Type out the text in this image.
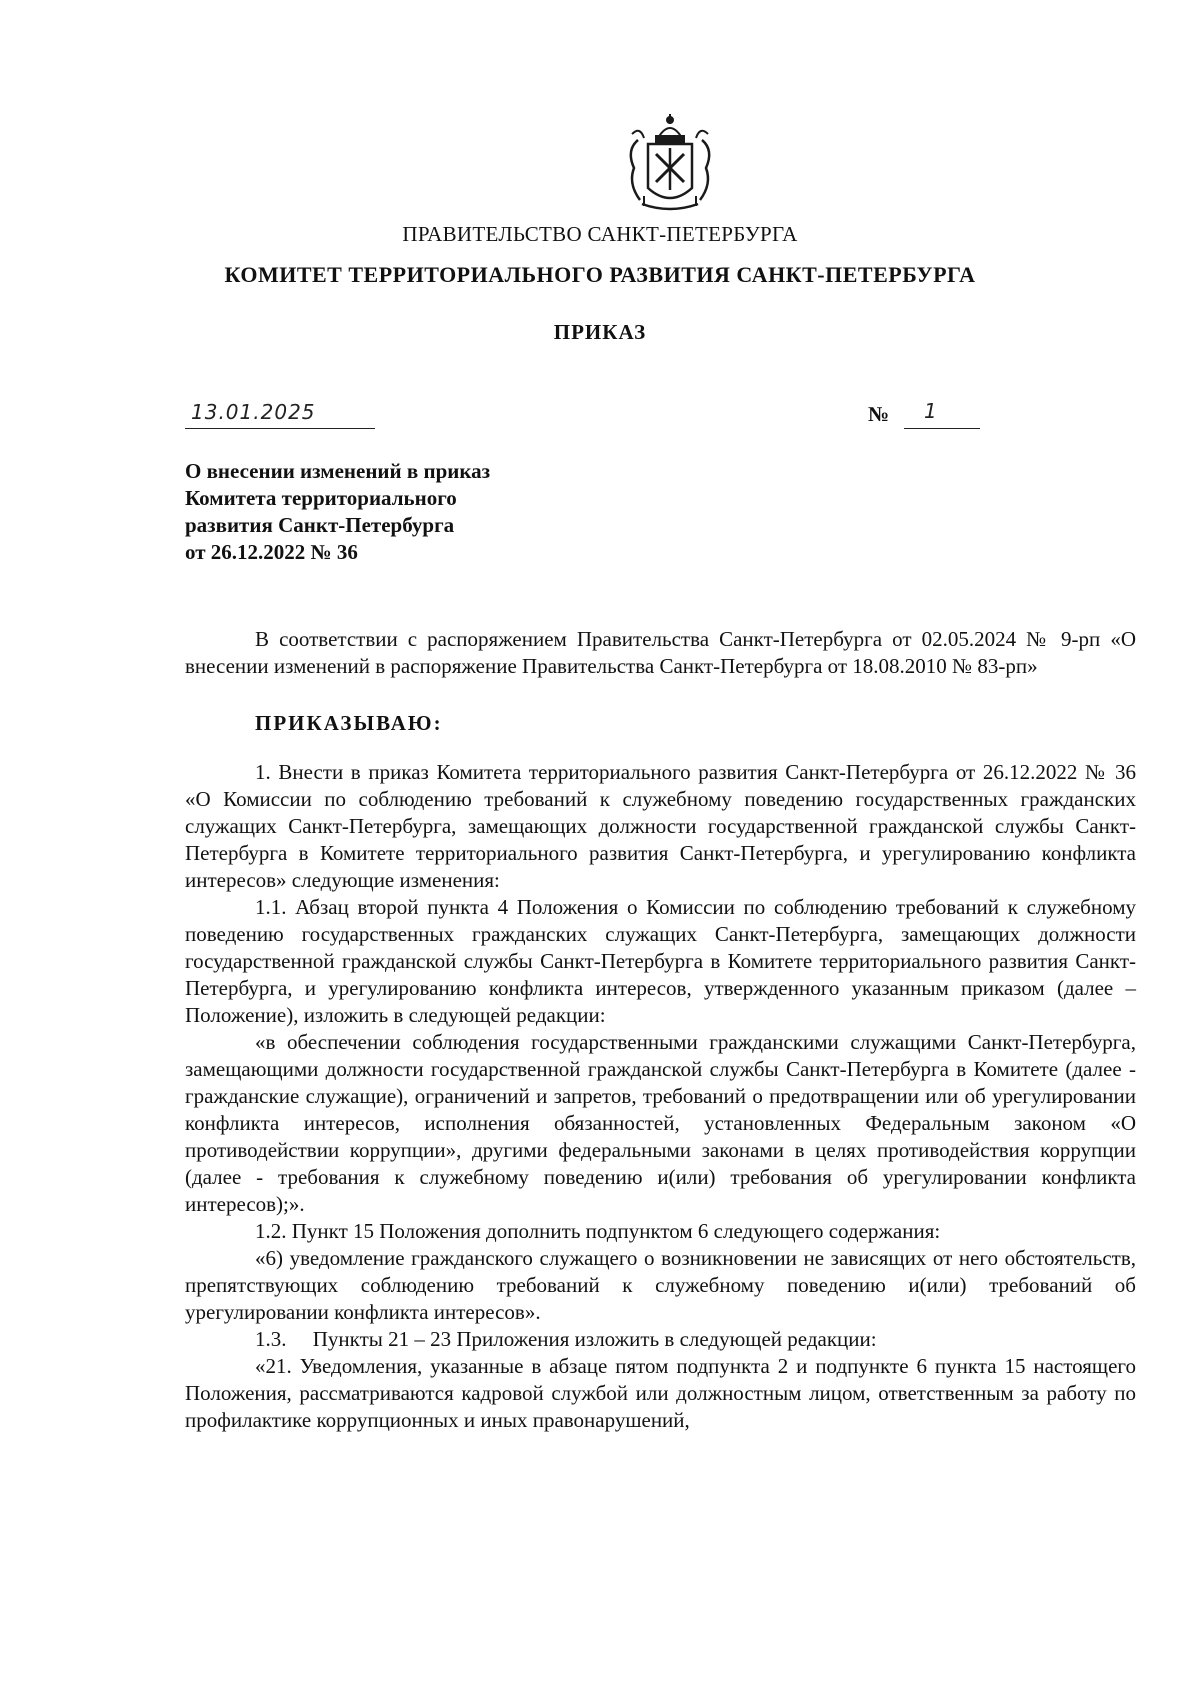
ПРАВИТЕЛЬСТВО САНКТ-ПЕТЕРБУРГА
КОМИТЕТ ТЕРРИТОРИАЛЬНОГО РАЗВИТИЯ САНКТ-ПЕТЕРБУРГА
ПРИКАЗ
13.01.2025	№ 1
О внесении изменений в приказ
Комитета территориального
развития Санкт-Петербурга
от 26.12.2022 № 36

В соответствии с распоряжением Правительства Санкт-Петербурга от 02.05.2024 № 9-рп «О внесении изменений в распоряжение Правительства Санкт-Петербурга от 18.08.2010 № 83-рп»

ПРИКАЗЫВАЮ:

1. Внести в приказ Комитета территориального развития Санкт-Петербурга от 26.12.2022 № 36 «О Комиссии по соблюдению требований к служебному поведению государственных гражданских служащих Санкт-Петербурга, замещающих должности государственной гражданской службы Санкт-Петербурга в Комитете территориального развития Санкт-Петербурга, и урегулированию конфликта интересов» следующие изменения:

1.1. Абзац второй пункта 4 Положения о Комиссии по соблюдению требований к служебному поведению государственных гражданских служащих Санкт-Петербурга, замещающих должности государственной гражданской службы Санкт-Петербурга в Комитете территориального развития Санкт-Петербурга, и урегулированию конфликта интересов, утвержденного указанным приказом (далее – Положение), изложить в следующей редакции:

«в обеспечении соблюдения государственными гражданскими служащими Санкт-Петербурга, замещающими должности государственной гражданской службы Санкт-Петербурга в Комитете (далее - гражданские служащие), ограничений и запретов, требований о предотвращении или об урегулировании конфликта интересов, исполнения обязанностей, установленных Федеральным законом «О противодействии коррупции», другими федеральными законами в целях противодействия коррупции (далее - требования к служебному поведению и(или) требования об урегулировании конфликта интересов);».

1.2. Пункт 15 Положения дополнить подпунктом 6 следующего содержания:

«6) уведомление гражданского служащего о возникновении не зависящих от него обстоятельств, препятствующих соблюдению требований к служебному поведению и(или) требований об урегулировании конфликта интересов».

1.3.     Пункты 21 – 23 Приложения изложить в следующей редакции:

«21. Уведомления, указанные в абзаце пятом подпункта 2 и подпункте 6 пункта 15 настоящего Положения, рассматриваются кадровой службой или должностным лицом, ответственным за работу по профилактике коррупционных и иных правонарушений,
